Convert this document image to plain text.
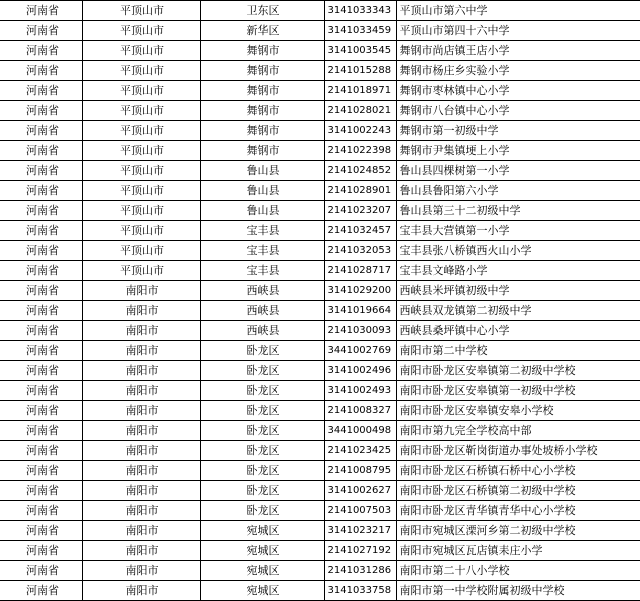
河南省	平顶山市	卫东区	3141033343	平顶山市第六中学
河南省	平顶山市	新华区	3141033459	平顶山市第四十六中学
河南省	平顶山市	舞钢市	3141003545	舞钢市尚店镇王店小学
河南省	平顶山市	舞钢市	2141015288	舞钢市杨庄乡实验小学
河南省	平顶山市	舞钢市	2141018971	舞钢市枣林镇中心小学
河南省	平顶山市	舞钢市	2141028021	舞钢市八台镇中心小学
河南省	平顶山市	舞钢市	3141002243	舞钢市第一初级中学
河南省	平顶山市	舞钢市	2141022398	舞钢市尹集镇埂上小学
河南省	平顶山市	鲁山县	2141024852	鲁山县四棵树第一小学
河南省	平顶山市	鲁山县	2141028901	鲁山县鲁阳第六小学
河南省	平顶山市	鲁山县	2141023207	鲁山县第三十二初级中学
河南省	平顶山市	宝丰县	2141032457	宝丰县大营镇第一小学
河南省	平顶山市	宝丰县	2141032053	宝丰县张八桥镇西火山小学
河南省	平顶山市	宝丰县	2141028717	宝丰县文峰路小学
河南省	南阳市	西峡县	3141029200	西峡县米坪镇初级中学
河南省	南阳市	西峡县	3141019664	西峡县双龙镇第二初级中学
河南省	南阳市	西峡县	2141030093	西峡县桑坪镇中心小学
河南省	南阳市	卧龙区	3441002769	南阳市第二中学校
河南省	南阳市	卧龙区	3141002496	南阳市卧龙区安皋镇第二初级中学校
河南省	南阳市	卧龙区	3141002493	南阳市卧龙区安皋镇第一初级中学校
河南省	南阳市	卧龙区	2141008327	南阳市卧龙区安皋镇安皋小学校
河南省	南阳市	卧龙区	3441000498	南阳市第九完全学校高中部
河南省	南阳市	卧龙区	2141023425	南阳市卧龙区靳岗街道办事处坡桥小学校
河南省	南阳市	卧龙区	2141008795	南阳市卧龙区石桥镇石桥中心小学校
河南省	南阳市	卧龙区	3141002627	南阳市卧龙区石桥镇第二初级中学校
河南省	南阳市	卧龙区	2141007503	南阳市卧龙区青华镇青华中心小学校
河南省	南阳市	宛城区	3141023217	南阳市宛城区溧河乡第二初级中学校
河南省	南阳市	宛城区	2141027192	南阳市宛城区瓦店镇耒庄小学
河南省	南阳市	宛城区	2141031286	南阳市第二十八小学校
河南省	南阳市	宛城区	3141033758	南阳市第一中学校附属初级中学校
